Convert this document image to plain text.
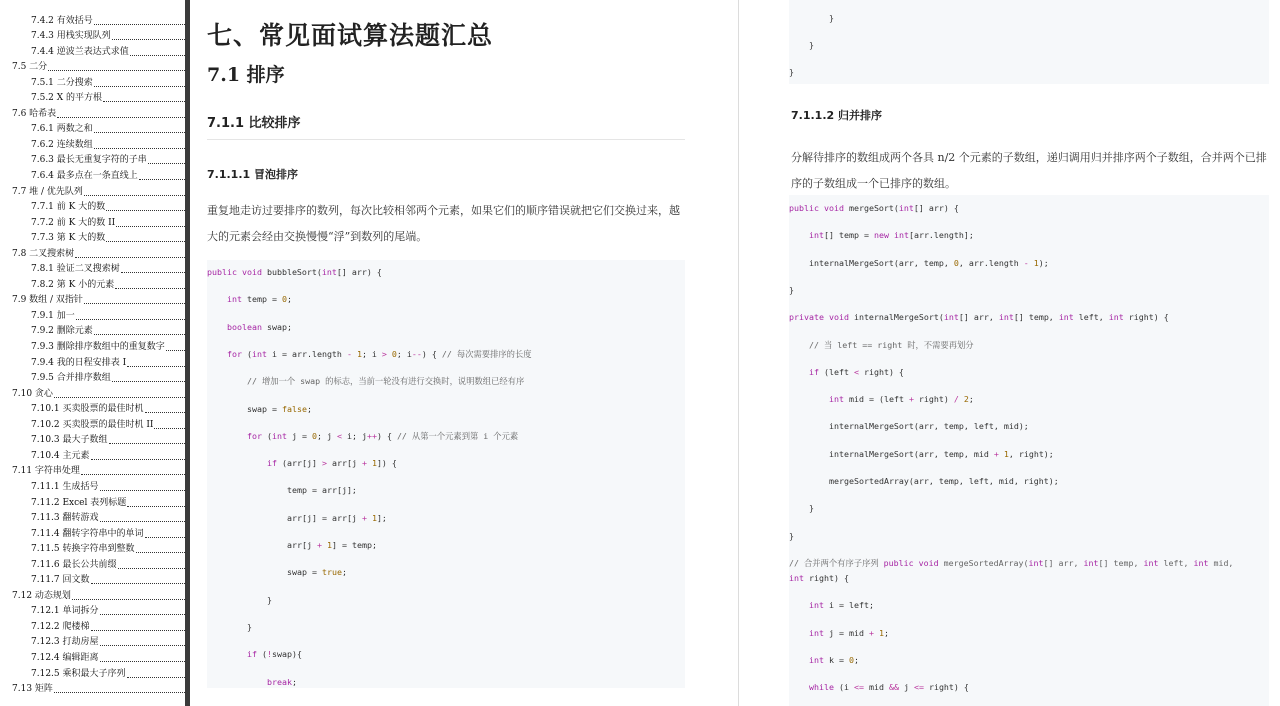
7.4.2 有效括号
7.4.3 用栈实现队列
7.4.4 逆波兰表达式求值
7.5 二分
7.5.1 二分搜索
7.5.2 X 的平方根
7.6 哈希表
7.6.1 两数之和
7.6.2 连续数组
7.6.3 最长无重复字符的子串
7.6.4 最多点在一条直线上
7.7 堆 / 优先队列
7.7.1 前 K 大的数
7.7.2 前 K 大的数 II
7.7.3 第 K 大的数
7.8 二叉搜索树
7.8.1 验证二叉搜索树
7.8.2 第 K 小的元素
7.9 数组 / 双指针
7.9.1 加一
7.9.2 删除元素
7.9.3 删除排序数组中的重复数字
7.9.4 我的日程安排表 I
7.9.5 合并排序数组
7.10 贪心
7.10.1 买卖股票的最佳时机
7.10.2 买卖股票的最佳时机 II
7.10.3 最大子数组
7.10.4 主元素
7.11 字符串处理
7.11.1 生成括号
7.11.2 Excel 表列标题
7.11.3 翻转游戏
7.11.4 翻转字符串中的单词
7.11.5 转换字符串到整数
7.11.6 最长公共前缀
7.11.7 回文数
7.12 动态规划
7.12.1 单词拆分
7.12.2 爬楼梯
7.12.3 打劫房屋
7.12.4 编辑距离
7.12.5 乘积最大子序列
7.13 矩阵
七、常见面试算法题汇总
7.1 排序
7.1.1 比较排序
7.1.1.1 冒泡排序

重复地走访过要排序的数列，每次比较相邻两个元素，如果它们的顺序错误就把它们交换过来，越大的元素会经由交换慢慢“浮”到数列的尾端。

public void bubbleSort(int[] arr) {
int temp = 0;
boolean swap;
for (int i = arr.length - 1; i > 0; i--) { // 每次需要排序的长度
// 增加一个 swap 的标志，当前一轮没有进行交换时，说明数组已经有序
swap = false;
for (int j = 0; j < i; j++) { // 从第一个元素到第 i 个元素
if (arr[j] > arr[j + 1]) {
temp = arr[j];
arr[j] = arr[j + 1];
arr[j + 1] = temp;
swap = true;
}
}
if (!swap){
break;
}
}
}
7.1.1.2 归并排序

分解待排序的数组成两个各具 n/2 个元素的子数组，递归调用归并排序两个子数组，合并两个已排序的子数组成一个已排序的数组。

public void mergeSort(int[] arr) {
int[] temp = new int[arr.length];
internalMergeSort(arr, temp, 0, arr.length - 1);
}
private void internalMergeSort(int[] arr, int[] temp, int left, int right) {
// 当 left == right 时，不需要再划分
if (left < right) {
int mid = (left + right) / 2;
internalMergeSort(arr, temp, left, mid);
internalMergeSort(arr, temp, mid + 1, right);
mergeSortedArray(arr, temp, left, mid, right);
}
}
// 合并两个有序子序列 public void mergeSortedArray(int[] arr, int[] temp, int left, int mid,
int right) {
int i = left;
int j = mid + 1;
int k = 0;
while (i <= mid && j <= right) {
